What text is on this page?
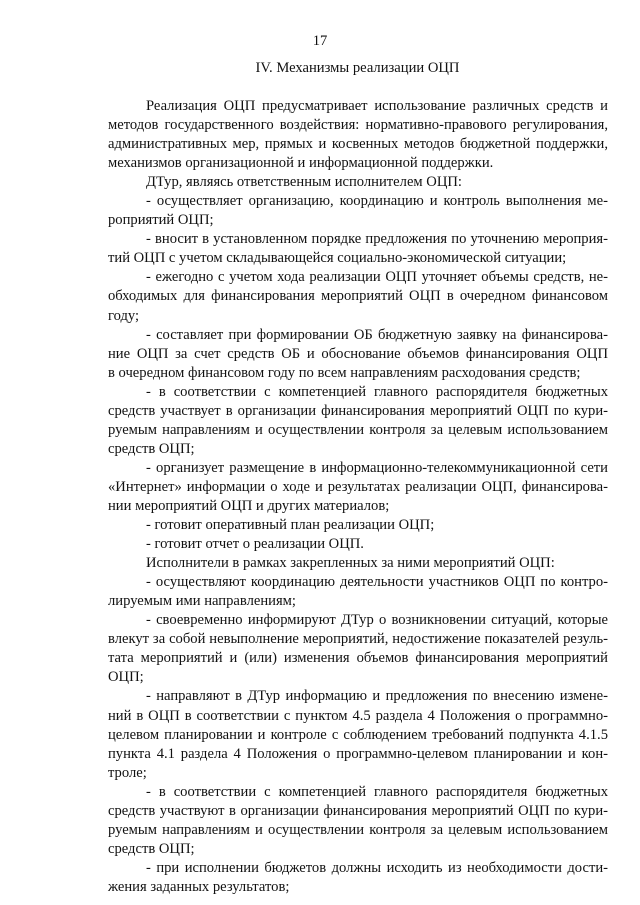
17
IV. Механизмы реализации ОЦП
Реализация ОЦП предусматривает использование различных средств и
методов государственного воздействия: нормативно-правового регулирования,
административных мер, прямых и косвенных методов бюджетной поддержки,
механизмов организационной и информационной поддержки.
ДТур, являясь ответственным исполнителем ОЦП:
- осуществляет организацию, координацию и контроль выполнения ме-
роприятий ОЦП;
- вносит в установленном порядке предложения по уточнению мероприя-
тий ОЦП с учетом складывающейся социально-экономической ситуации;
- ежегодно с учетом хода реализации ОЦП уточняет объемы средств, не-
обходимых для финансирования мероприятий ОЦП в очередном финансовом
году;
- составляет при формировании ОБ бюджетную заявку на финансирова-
ние ОЦП за счет средств ОБ и обоснование объемов финансирования ОЦП
в очередном финансовом году по всем направлениям расходования средств;
- в соответствии с компетенцией главного распорядителя бюджетных
средств участвует в организации финансирования мероприятий ОЦП по кури-
руемым направлениям и осуществлении контроля за целевым использованием
средств ОЦП;
- организует размещение в информационно-телекоммуникационной сети
«Интернет» информации о ходе и результатах реализации ОЦП, финансирова-
нии мероприятий ОЦП и других материалов;
- готовит оперативный план реализации ОЦП;
- готовит отчет о реализации ОЦП.
Исполнители в рамках закрепленных за ними мероприятий ОЦП:
- осуществляют координацию деятельности участников ОЦП по контро-
лируемым ими направлениям;
- своевременно информируют ДТур о возникновении ситуаций, которые
влекут за собой невыполнение мероприятий, недостижение показателей резуль-
тата мероприятий и (или) изменения объемов финансирования мероприятий
ОЦП;
- направляют в ДТур информацию и предложения по внесению измене-
ний в ОЦП в соответствии с пунктом 4.5 раздела 4 Положения о программно-
целевом планировании и контроле с соблюдением требований подпункта 4.1.5
пункта 4.1 раздела 4 Положения о программно-целевом планировании и кон-
троле;
- в соответствии с компетенцией главного распорядителя бюджетных
средств участвуют в организации финансирования мероприятий ОЦП по кури-
руемым направлениям и осуществлении контроля за целевым использованием
средств ОЦП;
- при исполнении бюджетов должны исходить из необходимости дости-
жения заданных результатов;
